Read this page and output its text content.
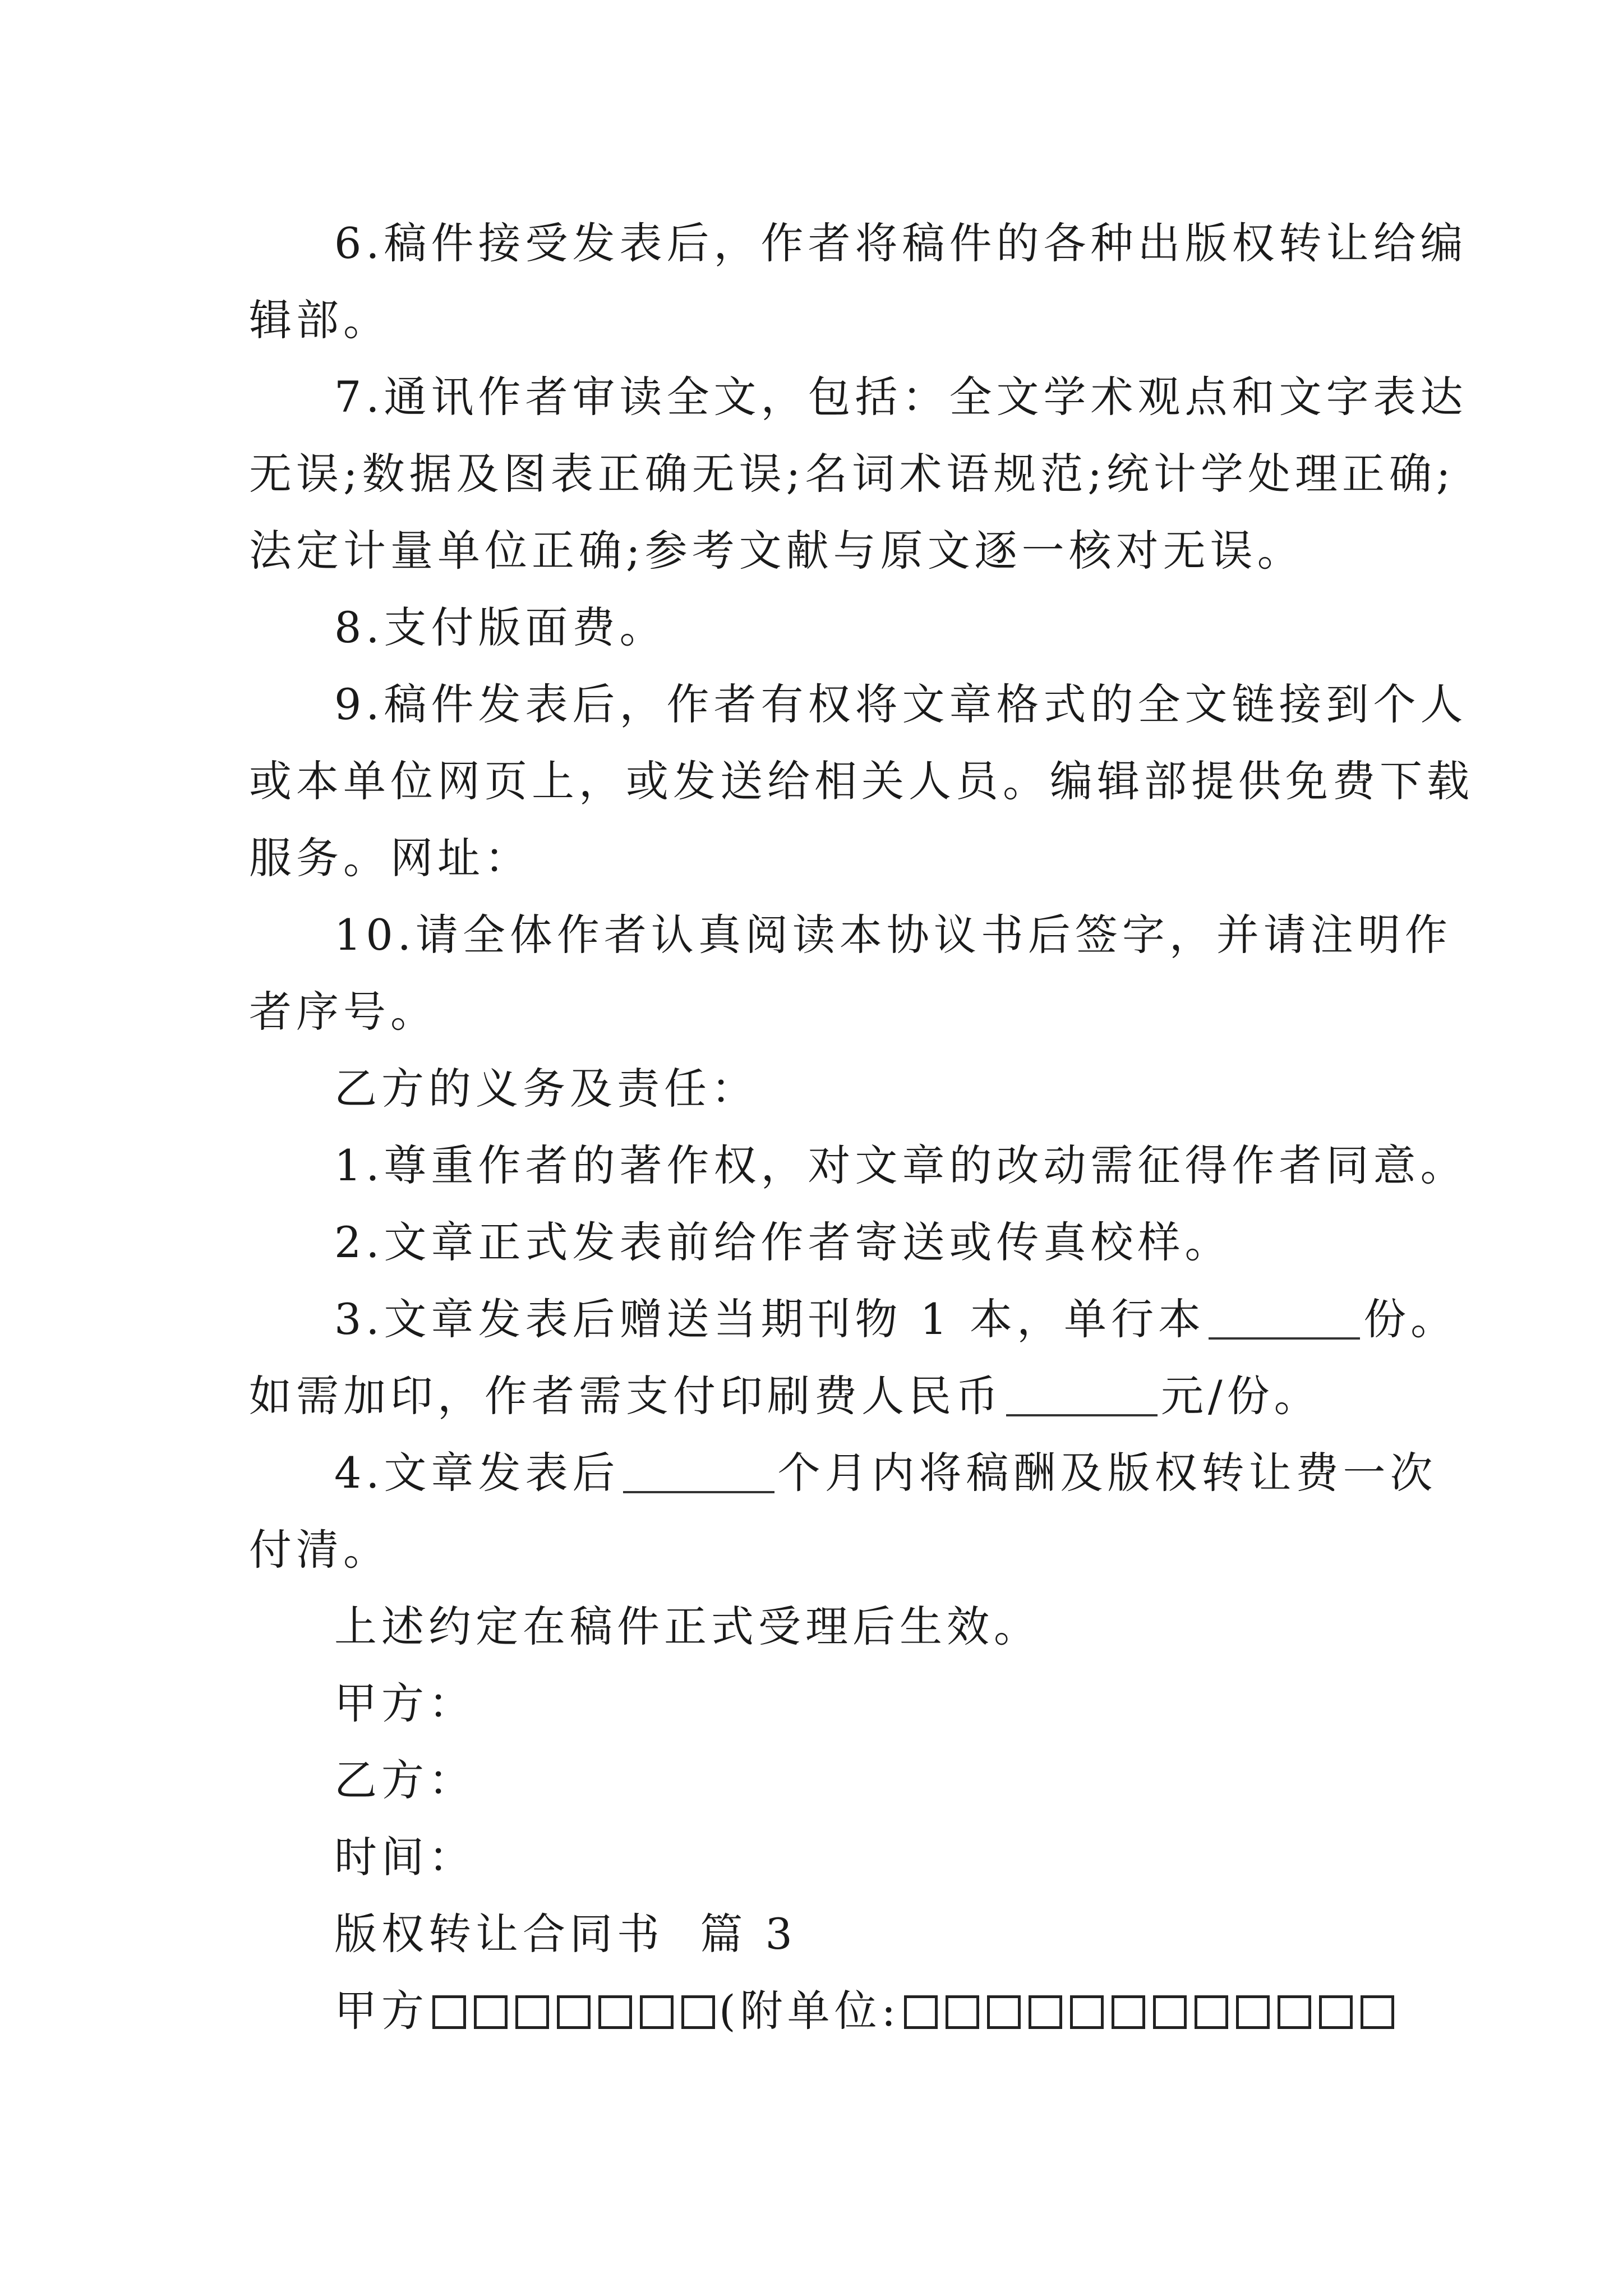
6.稿件接受发表后，作者将稿件的各种出版权转让给编
辑部。
7.通讯作者审读全文，包括：全文学术观点和文字表达
无误;数据及图表正确无误;名词术语规范;统计学处理正确;
法定计量单位正确;参考文献与原文逐一核对无误。
8.支付版面费。
9.稿件发表后，作者有权将文章格式的全文链接到个人
或本单位网页上，或发送给相关人员。编辑部提供免费下载
服务。网址：
10.请全体作者认真阅读本协议书后签字，并请注明作
者序号。
乙方的义务及责任：
1.尊重作者的著作权，对文章的改动需征得作者同意。
2.文章正式发表前给作者寄送或传真校样。
3.文章发表后赠送当期刊物 1 本，单行本	份。
如需加印，作者需支付印刷费人民币	元/份。
4.文章发表后	个月内将稿酬及版权转让费一次
付清。
上述约定在稿件正式受理后生效。
甲方：
乙方：
时间：
版权转让合同书  篇 3
甲方	(附单位:
